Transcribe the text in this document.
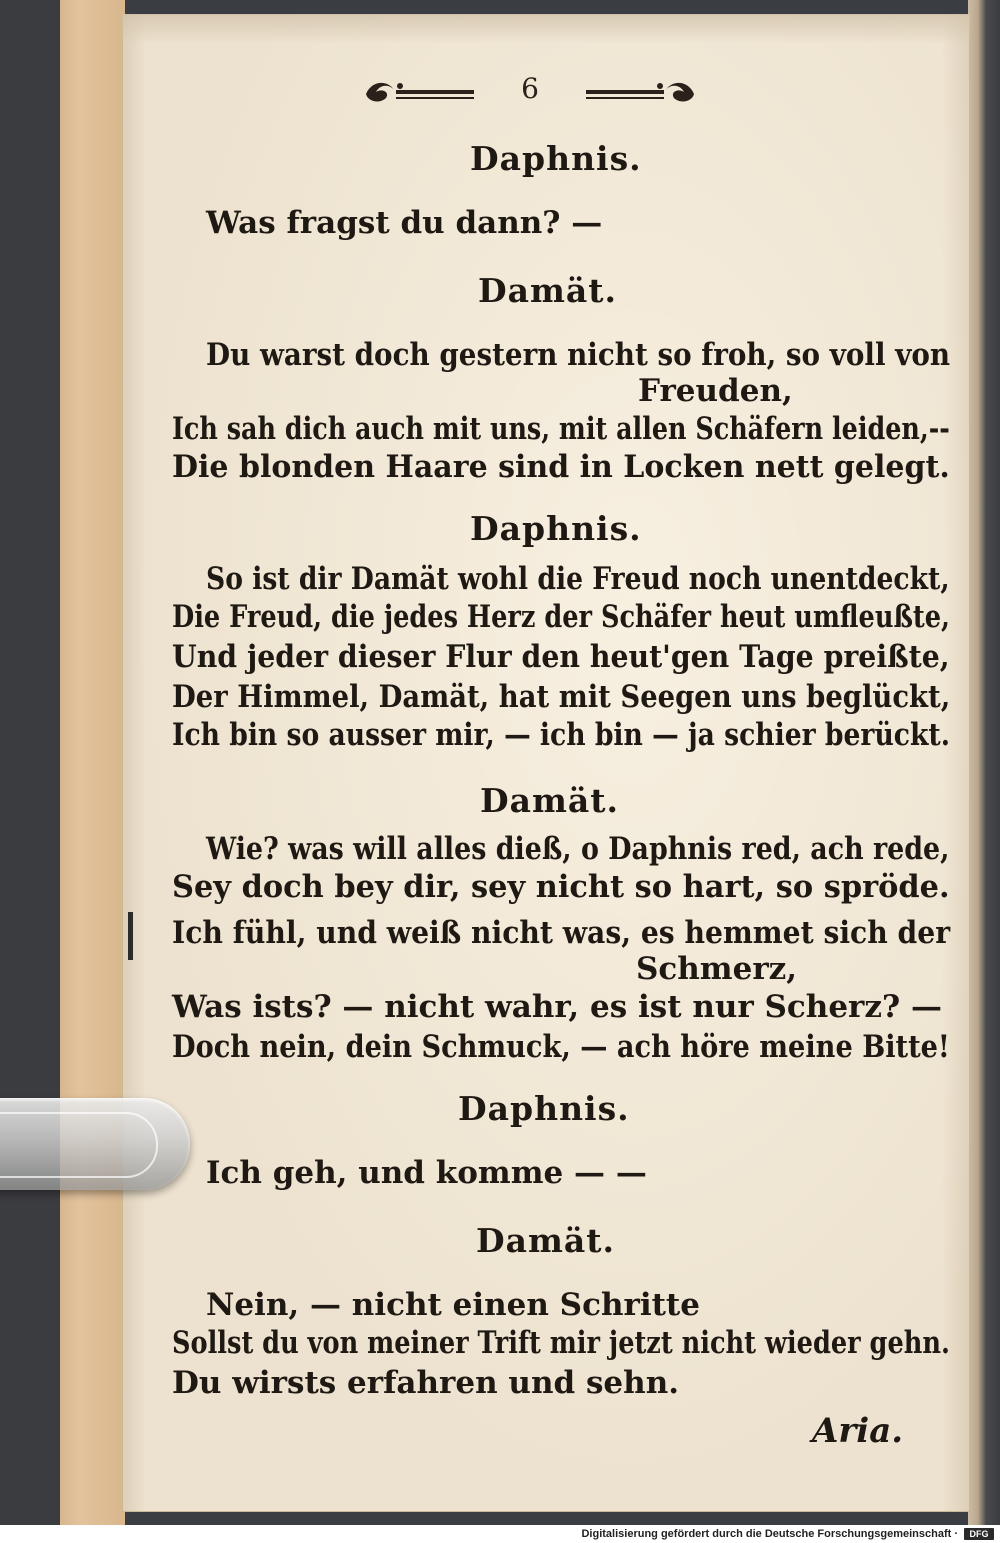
6
Daphnis.
Was fragst du dann? —
Damät.
Du warst doch gestern nicht so froh, so voll von
Freuden,
Ich sah dich auch mit uns, mit allen Schäfern leiden,--
Die blonden Haare sind in Locken nett gelegt.
Daphnis.
So ist dir Damät wohl die Freud noch unentdeckt,
Die Freud, die jedes Herz der Schäfer heut umfleußte,
Und jeder dieser Flur den heut'gen Tage preißte,
Der Himmel, Damät, hat mit Seegen uns beglückt,
Ich bin so ausser mir, — ich bin — ja schier berückt.
Damät.
Wie? was will alles dieß, o Daphnis red, ach rede,
Sey doch bey dir, sey nicht so hart, so spröde.
Ich fühl, und weiß nicht was, es hemmet sich der
Schmerz,
Was ists? — nicht wahr, es ist nur Scherz? —
Doch nein, dein Schmuck, — ach höre meine Bitte!
Daphnis.
Ich geh, und komme — —
Damät.
Nein, — nicht einen Schritte
Sollst du von meiner Trift mir jetzt nicht wieder gehn.
Du wirsts erfahren und sehn.
Aria.
Digitalisierung gefördert durch die Deutsche Forschungsgemeinschaft ·	DFG
